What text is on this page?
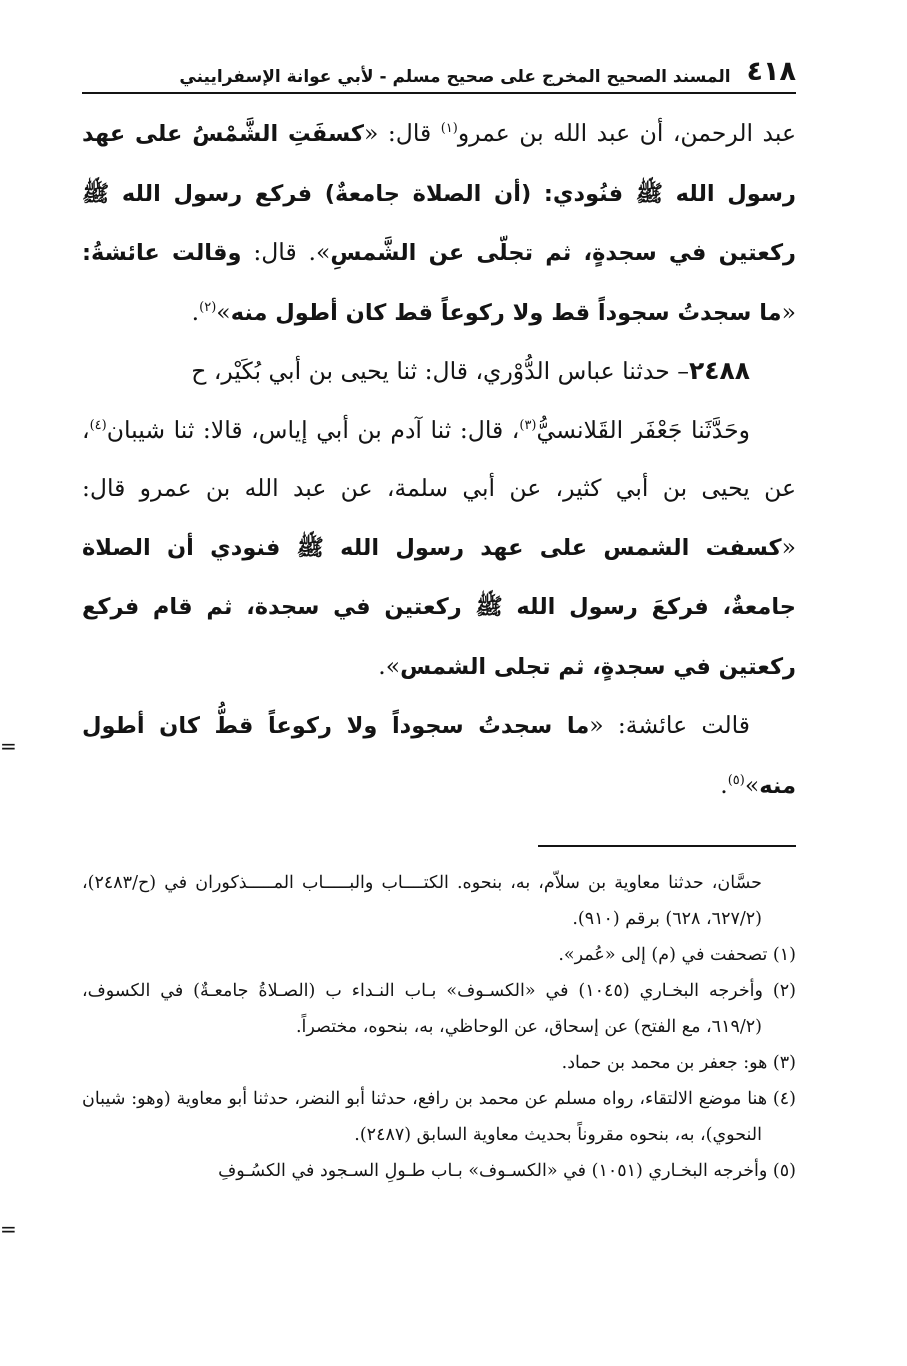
=
=
٤١٨
المسند الصحيح المخرج على صحيح مسلم - لأبي عوانة الإسفراييني

عبد الرحمن، أن عبد الله بن عمرو$^{(١)}$ قال: «كسفَتِ الشَّمْسُ على عهد رسول الله ﷺ فنُودي: (أن الصلاة جامعةٌ) فركع رسول الله ﷺ ركعتين في سجدةٍ، ثم تجلّى عن الشَّمسِ». قال: وقالت عائشةُ: «ما سجدتُ سجوداً قط ولا ركوعاً قط كان أطول منه»$^{(٢)}$.

٢٤٨٨– حدثنا عباس الدُّوْري، قال: ثنا يحيى بن أبي بُكَيْر، ح

وحَدَّثَنا جَعْفَر القَلانسيُّ$^{(٣)}$، قال: ثنا آدم بن أبي إياس، قالا: ثنا شيبان$^{(٤)}$، عن يحيى بن أبي كثير، عن أبي سلمة، عن عبد الله بن عمرو قال: «كسفت الشمس على عهد رسول الله ﷺ فنودي أن الصلاة جامعةٌ، فركعَ رسول الله ﷺ ركعتين في سجدة، ثم قام فركع ركعتين في سجدةٍ، ثم تجلى الشمس».

قالت عائشة: «ما سجدتُ سجوداً ولا ركوعاً قطُّ كان أطول منه»$^{(٥)}$.

حسَّان، حدثنا معاوية بن سلاّم، به، بنحوه. الكتــــاب والبـــــاب المـــــذكوران في (ح/٢٤٨٣)، (٦٢٧/٢، ٦٢٨) برقم (٩١٠).

(١) تصحفت في (م) إلى «عُمر».

(٢) وأخرجه البخـاري (١٠٤٥) في «الكسـوف» بـاب النـداء ب (الصـلاةُ جامعـةٌ) في الكسوف، (٦١٩/٢، مع الفتح) عن إسحاق، عن الوحاظي، به، بنحوه، مختصراً.

(٣) هو: جعفر بن محمد بن حماد.

(٤) هنا موضع الالتقاء، رواه مسلم عن محمد بن رافع، حدثنا أبو النضر، حدثنا أبو معاوية (وهو: شيبان النحوي)، به، بنحوه مقروناً بحديث معاوية السابق (٢٤٨٧).

(٥) وأخرجه البخـاري (١٠٥١) في «الكسـوف» بـاب طـولِ السـجود في الكسُـوفِ
